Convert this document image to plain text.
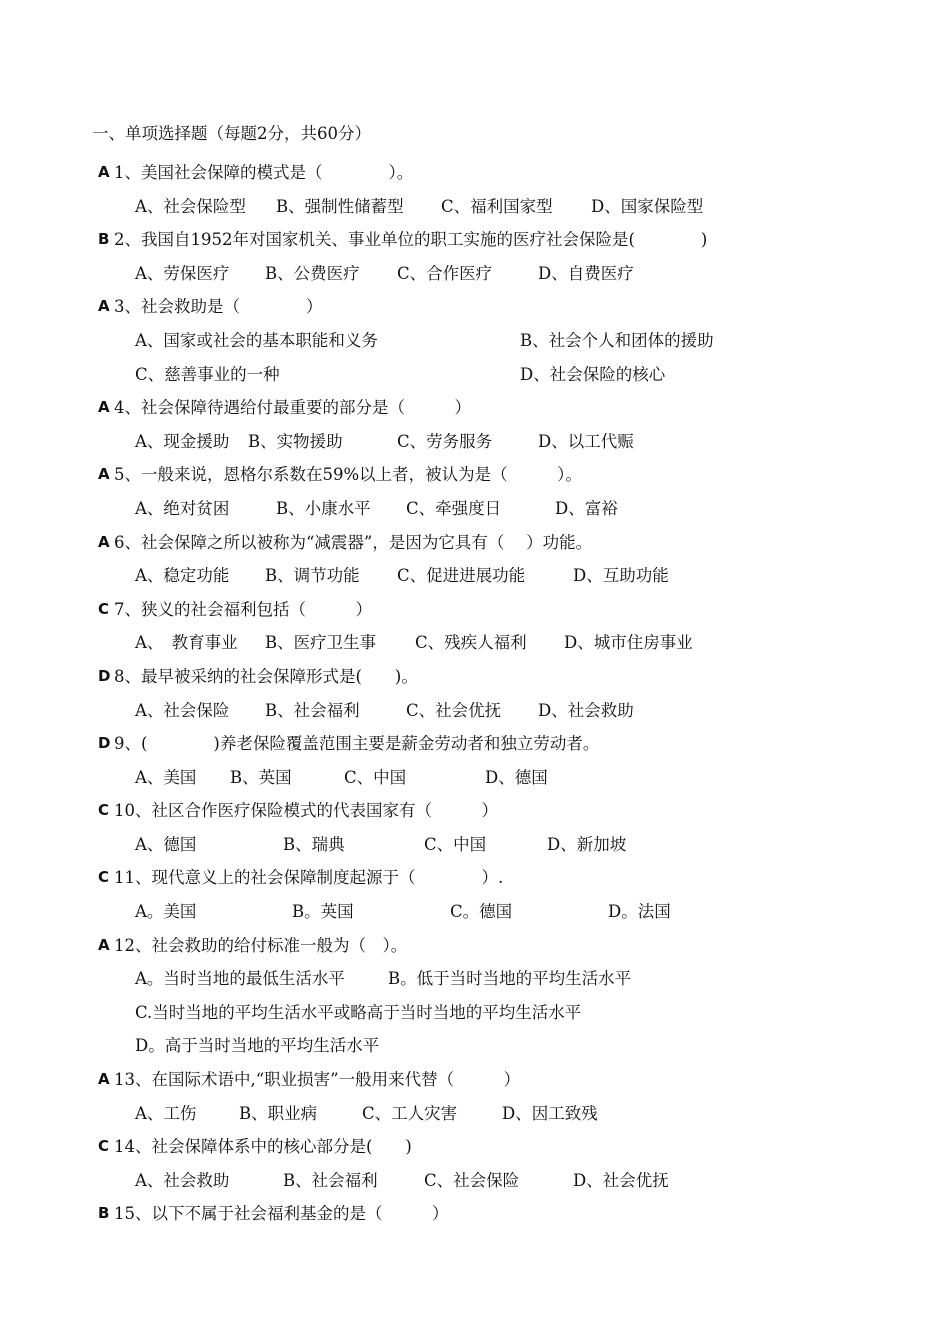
一、单项选择题（每题2分，共60分）
A 1、美国社会保障的模式是（　　　　）。
A、社会保险型 B、强制性储蓄型 C、福利国家型 D、国家保险型
B 2、我国自1952年对国家机关、事业单位的职工实施的医疗社会保险是(　　　　)
A、劳保医疗 B、公费医疗 C、合作医疗	D、自费医疗
A 3、社会救助是（　　　　）
A、国家或社会的基本职能和义务	B、社会个人和团体的援助
C、慈善事业的一种	D、社会保险的核心
A 4、社会保障待遇给付最重要的部分是（　　　）
A、现金援助 B、实物援助	C、劳务服务	D、以工代赈
A 5、一般来说，恩格尔系数在59%以上者，被认为是（　　　）。
A、绝对贫困	B、小康水平 C、牵强度日	D、富裕
A 6、社会保障之所以被称为“减震器”，是因为它具有（　 ）功能。
A、稳定功能 B、调节功能 C、促进进展功能	D、互助功能
C 7、狭义的社会福利包括（　　　）
A、　教育事业 B、医疗卫生事 C、残疾人福利 D、城市住房事业
D 8、最早被采纳的社会保障形式是(　　)。
A、社会保险 B、社会福利	C、社会优抚 D、社会救助
D 9、(　　　　)养老保险覆盖范围主要是薪金劳动者和独立劳动者。
A、美国 B、英国	C、中国	D、德国
C 10、社区合作医疗保险模式的代表国家有（　　　）
A、德国	B、瑞典	C、中国	D、新加坡
C 11、现代意义上的社会保障制度起源于（　　　　）.
A。美国	B。英国	C。德国	D。法国
A 12、社会救助的给付标准一般为（　）。
A。当时当地的最低生活水平	B。低于当时当地的平均生活水平
C.当时当地的平均生活水平或略高于当时当地的平均生活水平
D。高于当时当地的平均生活水平
A 13、在国际术语中,“职业损害”一般用来代替（　　　）
A、工伤	B、职业病	C、工人灾害	D、因工致残
C 14、社会保障体系中的核心部分是(　　)
A、社会救助	B、社会福利	C、社会保险	D、社会优抚
B 15、以下不属于社会福利基金的是（　　　）
